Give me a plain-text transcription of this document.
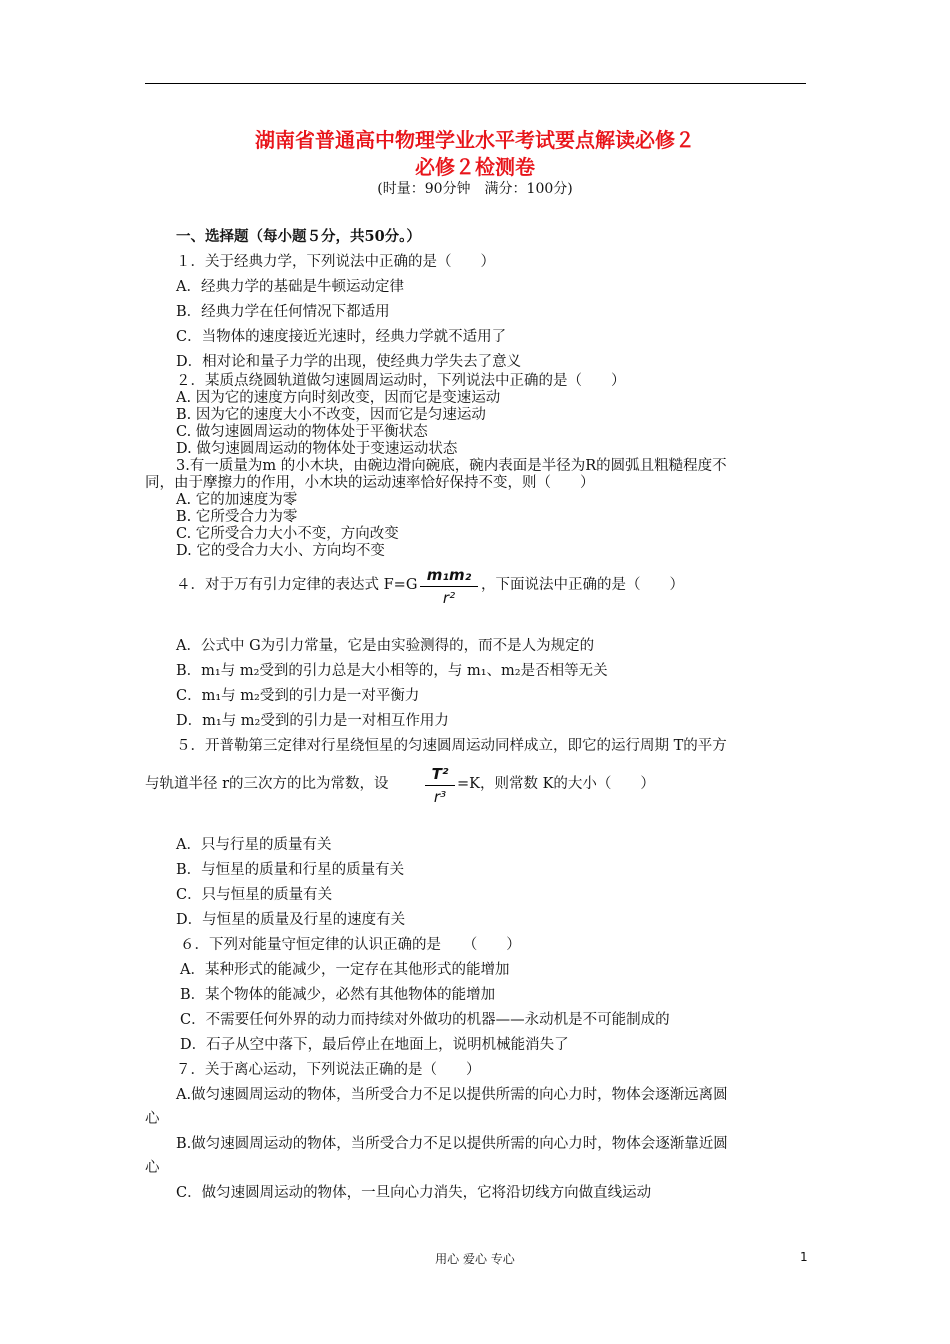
湖南省普通高中物理学业水平考试要点解读必修２
必修２检测卷
(时量：90分钟　满分：100分)
一、选择题（每小题５分，共50分。）
１．关于经典力学，下列说法中正确的是（　　）
A．经典力学的基础是牛顿运动定律
B．经典力学在任何情况下都适用
C．当物体的速度接近光速时，经典力学就不适用了
D．相对论和量子力学的出现，使经典力学失去了意义
２．某质点绕圆轨道做匀速圆周运动时，下列说法中正确的是（　　）
A. 因为它的速度方向时刻改变，因而它是变速运动
B. 因为它的速度大小不改变，因而它是匀速运动
C. 做匀速圆周运动的物体处于平衡状态
D. 做匀速圆周运动的物体处于变速运动状态
3.有一质量为m 的小木块，由碗边滑向碗底，碗内表面是半径为R的圆弧且粗糙程度不
同，由于摩擦力的作用，小木块的运动速率恰好保持不变，则（　　）
A. 它的加速度为零
B. 它所受合力为零
C. 它所受合力大小不变，方向改变
D. 它的受合力大小、方向均不变
４．对于万有引力定律的表达式 F=G
m₁m₂
r²
，下面说法中正确的是（　　）
A．公式中 G为引力常量，它是由实验测得的，而不是人为规定的
B．m₁与 m₂受到的引力总是大小相等的，与 m₁、m₂是否相等无关
C．m₁与 m₂受到的引力是一对平衡力
D．m₁与 m₂受到的引力是一对相互作用力
５．开普勒第三定律对行星绕恒星的匀速圆周运动同样成立，即它的运行周期 T的平方
与轨道半径 r的三次方的比为常数，设
T²
r³
=K，则常数 K的大小（　　）
A．只与行星的质量有关
B．与恒星的质量和行星的质量有关
C．只与恒星的质量有关
D．与恒星的质量及行星的速度有关
６．下列对能量守恒定律的认识正确的是　　（　　）
A．某种形式的能减少，一定存在其他形式的能增加
B．某个物体的能减少，必然有其他物体的能增加
C．不需要任何外界的动力而持续对外做功的机器——永动机是不可能制成的
D．石子从空中落下，最后停止在地面上，说明机械能消失了
７．关于离心运动，下列说法正确的是（　　）
A.做匀速圆周运动的物体，当所受合力不足以提供所需的向心力时，物体会逐渐远离圆
心
B.做匀速圆周运动的物体，当所受合力不足以提供所需的向心力时，物体会逐渐靠近圆
心
C．做匀速圆周运动的物体，一旦向心力消失，它将沿切线方向做直线运动
用心 爱心 专心	1
